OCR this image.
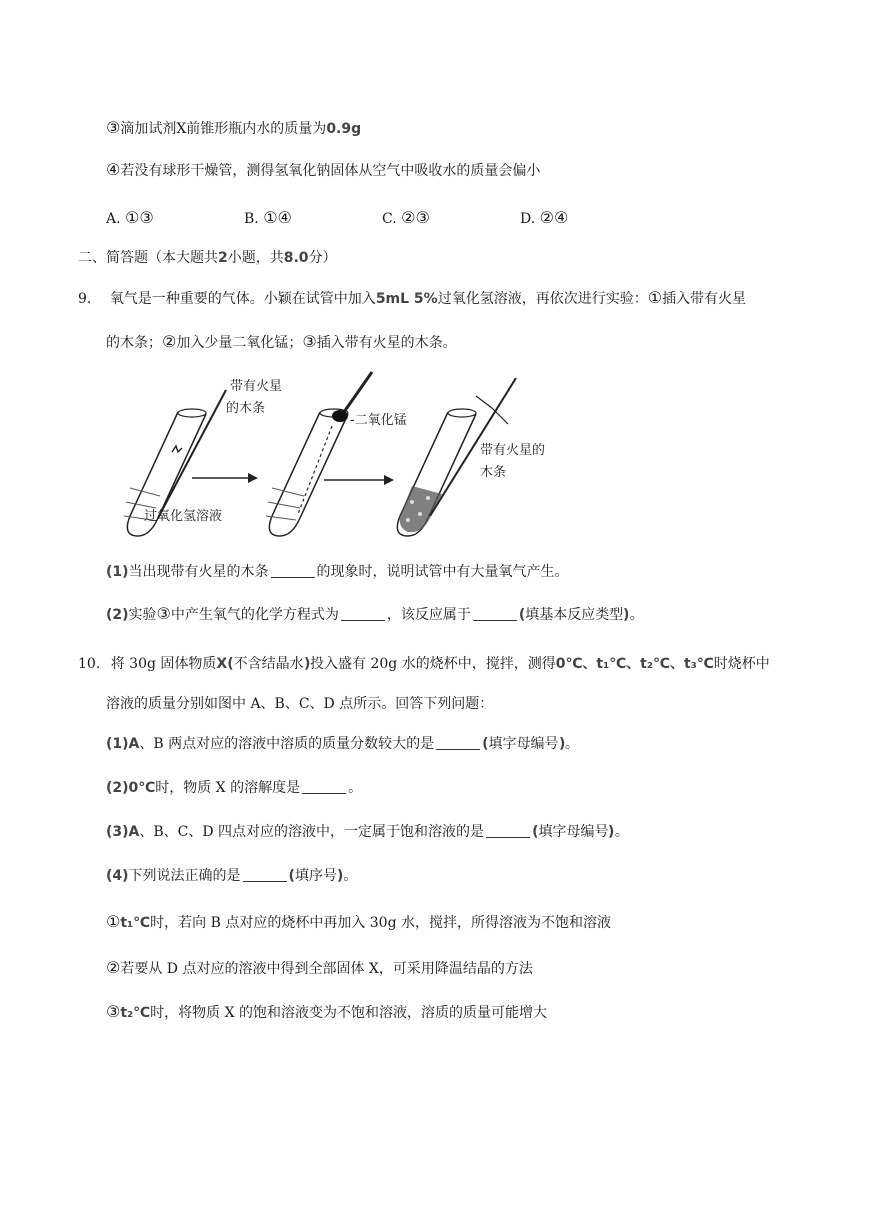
③滴加试剂X前锥形瓶内水的质量为0.9g
④若没有球形干燥管，测得氢氧化钠固体从空气中吸收水的质量会偏小
A. ①③	B. ①④	C. ②③	D. ②④
二、简答题（本大题共2小题，共8.0分）
9. 氧气是一种重要的气体。小颖在试管中加入5mL 5%过氧化氢溶液，再依次进行实验：①插入带有火星
的木条；②加入少量二氧化锰；③插入带有火星的木条。
带有火星
的木条
过氧化氢溶液
-二氧化锰
带有火星的
木条
(1)当出现带有火星的木条	的现象时，说明试管中有大量氧气产生。
(2)实验③中产生氧气的化学方程式为	，该反应属于	(填基本反应类型(。
10. 将 30g 固体物质X(不含结晶水(投入盛有 20g 水的烧杯中，搅拌，测得0℃、t₁℃、t₂℃、t₃℃时烧杯中
溶液的质量分别如图中 A、B、C、D 点所示。回答下列问题：
(1)A、B 两点对应的溶液中溶质的质量分数较大的是	(填字母编号(。
(2)0℃时，物质 X 的溶解度是	。
(3)A、B、C、D 四点对应的溶液中，一定属于饱和溶液的是	(填字母编号(。
(4)下列说法正确的是	(填序号(。
①t₁℃时，若向 B 点对应的烧杯中再加入 30g 水，搅拌，所得溶液为不饱和溶液
②若要从 D 点对应的溶液中得到全部固体 X，可采用降温结晶的方法
③t₂℃时，将物质 X 的饱和溶液变为不饱和溶液，溶质的质量可能增大
